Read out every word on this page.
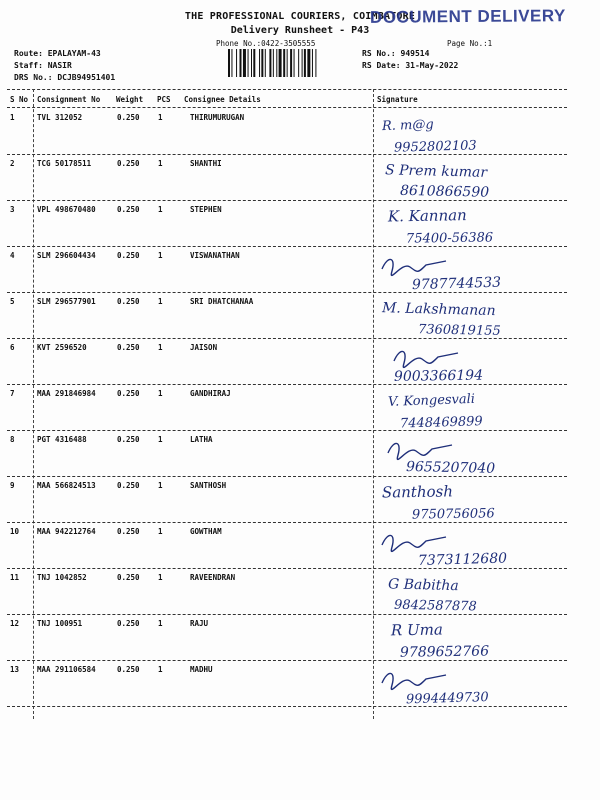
THE PROFESSIONAL COURIERS, COIMBATORE
DOCUMENT DELIVERY
Delivery Runsheet - P43
Phone No.:0422-3505555	Page No.:1
Route: EPALAYAM-43
Staff: NASIR
DRS No.: DCJB94951401
RS No.: 949514
RS Date: 31-May-2022
S No Consignment No Weight PCS Consignee Details	Signature
1	TVL 312052	0.250 1	THIRUMURUGAN	R. m@g
9952802103
2	TCG 50178511	0.250 1	SHANTHI	S Prem kumar
8610866590
3	VPL 498670480	0.250 1	STEPHEN	K. Kannan
75400-56386
4	SLM 296604434	0.250 1	VISWANATHAN
9787744533
5	SLM 296577901	0.250 1	SRI DHATCHANAA	M. Lakshmanan
7360819155
6	KVT 2596520	0.250 1	JAISON
9003366194
7	MAA 291846984	0.250 1	GANDHIRAJ	V. Kongesvali
7448469899
8	PGT 4316488	0.250 1	LATHA
9655207040
9	MAA 566824513	0.250 1	SANTHOSH	Santhosh
9750756056
10 MAA 942212764	0.250 1	GOWTHAM
7373112680
11 TNJ 1042852	0.250 1	RAVEENDRAN	G Babitha
9842587878
12 TNJ 100951	0.250 1	RAJU	R Uma
9789652766
13 MAA 291106584	0.250 1	MADHU
9994449730
